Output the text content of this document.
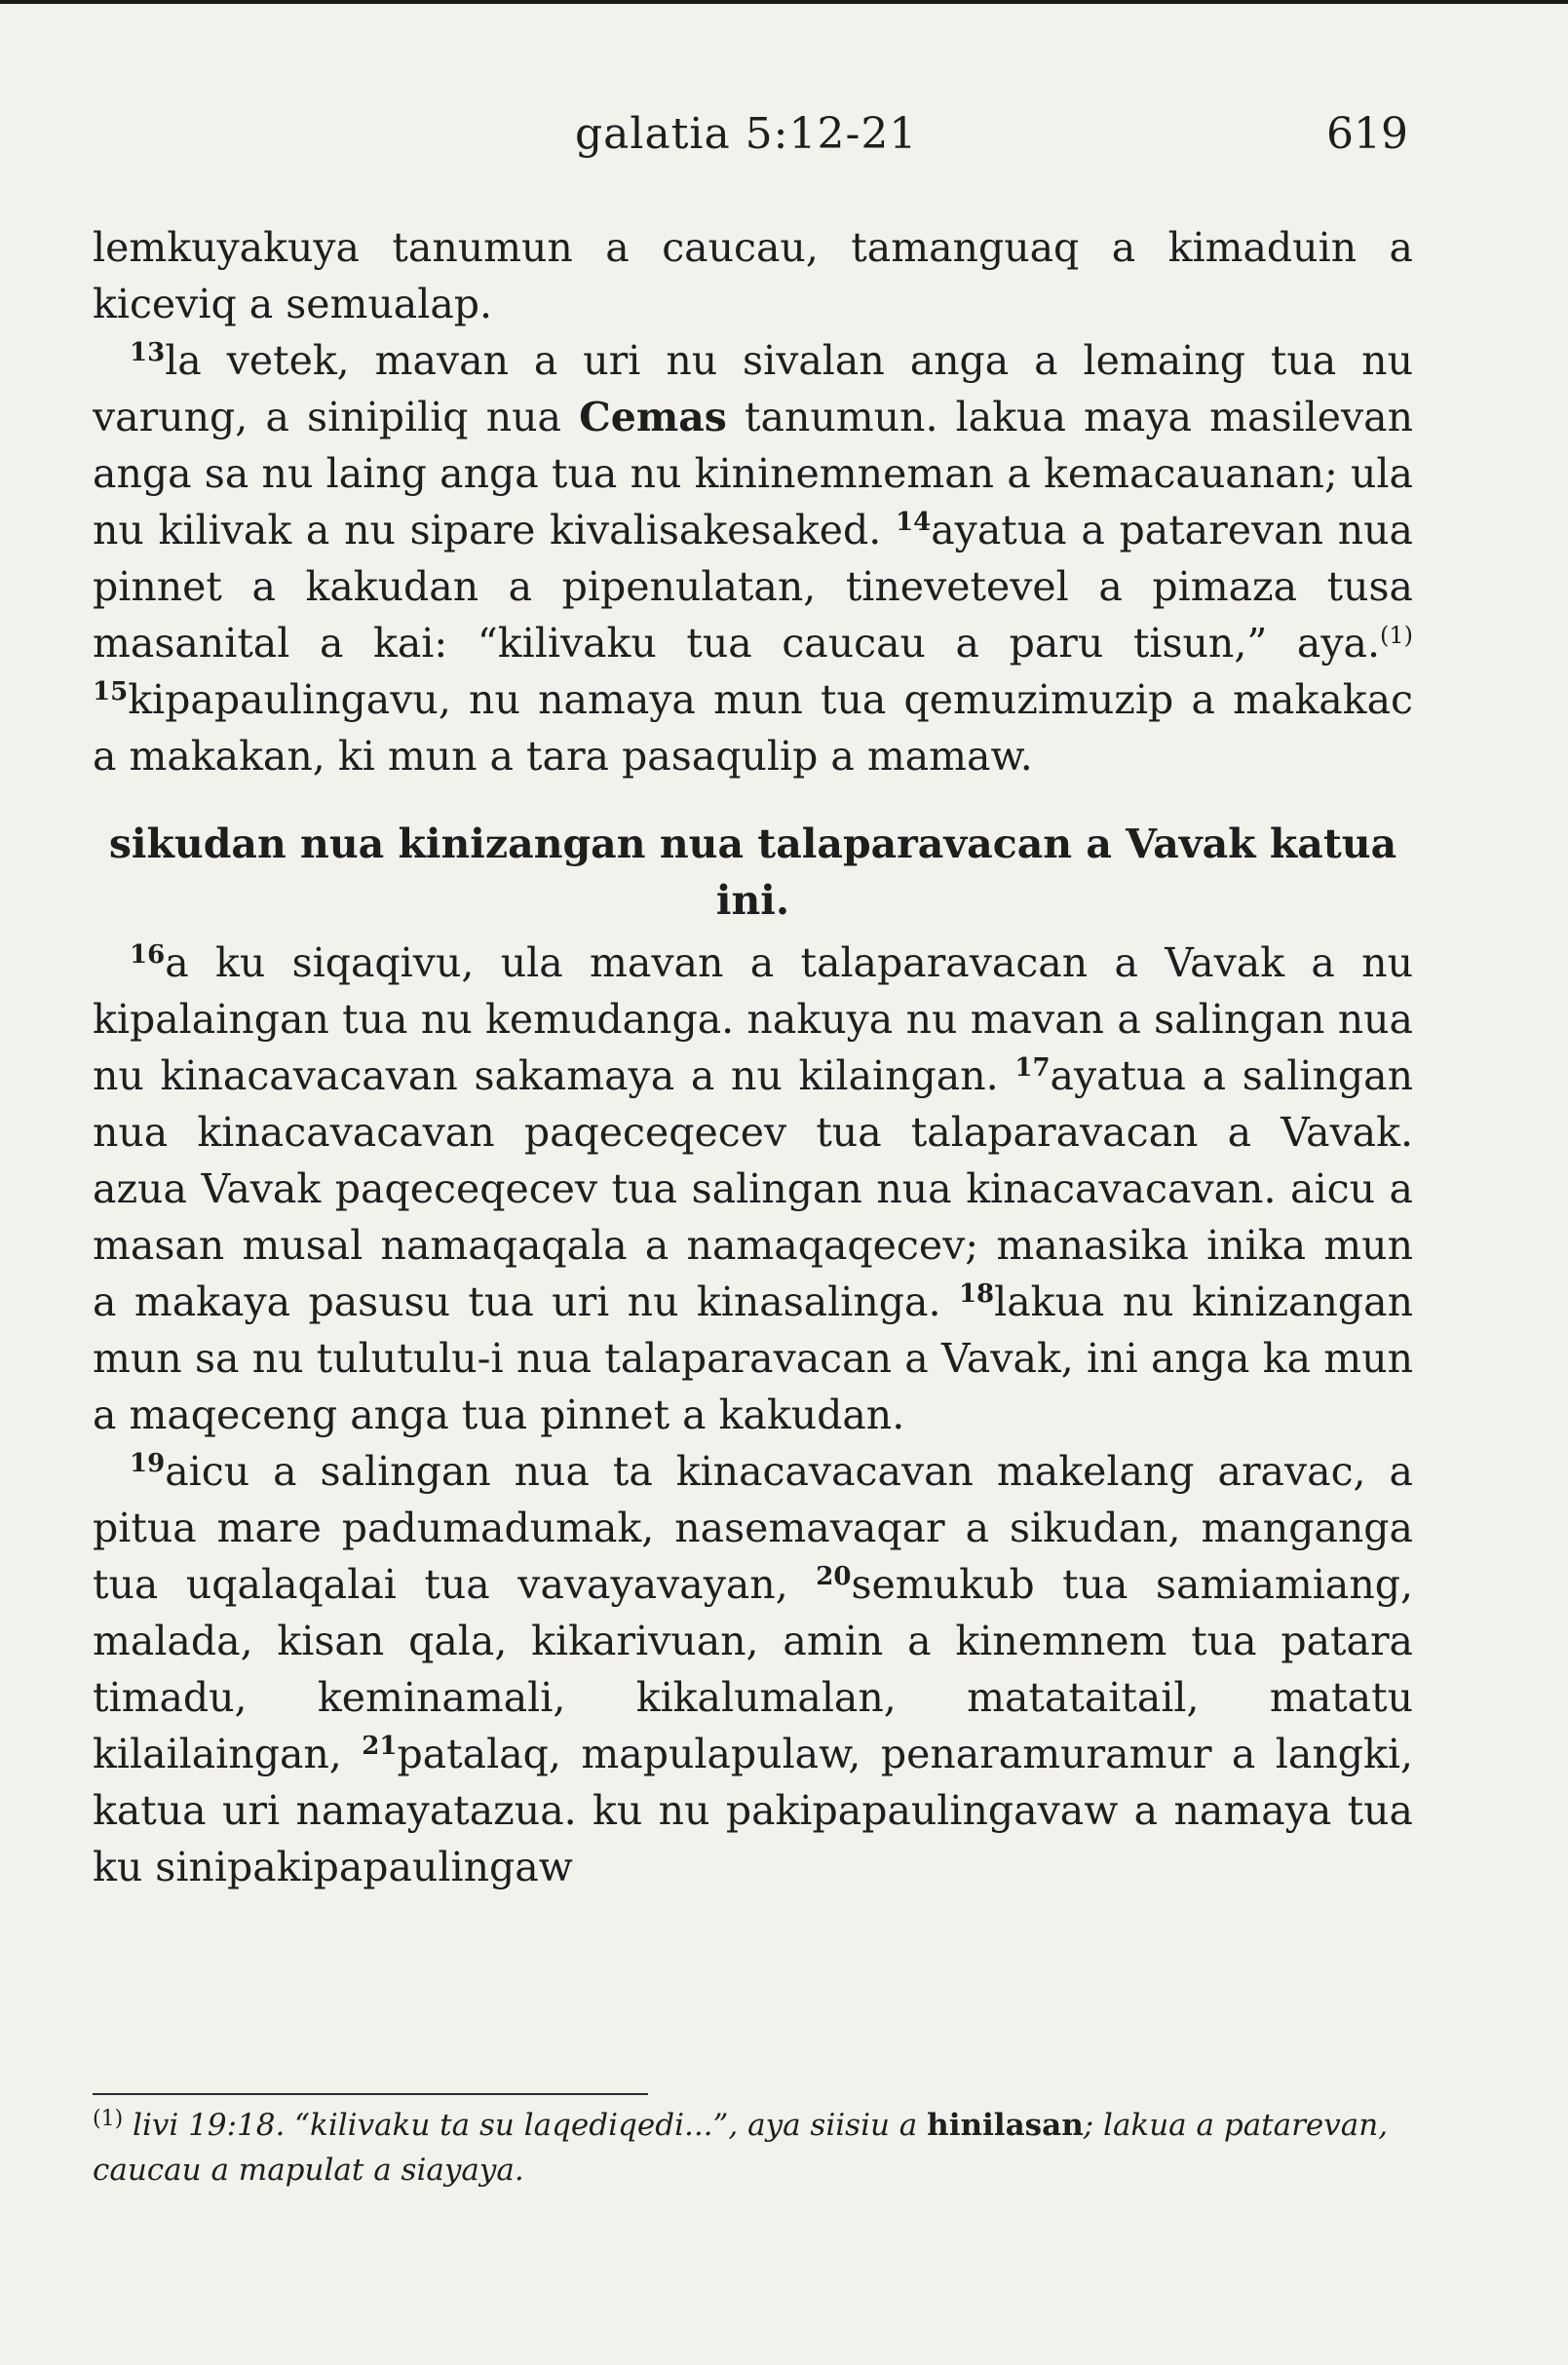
galatia 5:12-21	619

lemkuyakuya tanumun a caucau, tamanguaq a kimaduin a kiceviq a semualap.

$^{13}$la vetek, mavan a uri nu sivalan anga a lemaing tua nu varung, a sinipiliq nua Cemas tanumun. lakua maya masilevan anga sa nu laing anga tua nu kininemneman a kemacauanan; ula nu kilivak a nu sipare kivalisakesaked. $^{14}$ayatua a patarevan nua pinnet a kakudan a pipenulatan, tinevetevel a pimaza tusa masanital a kai: “kilivaku tua caucau a paru tisun,” aya.$^{(1)}$ $^{15}$kipapaulingavu, nu namaya mun tua qemuzimuzip a makakac a makakan, ki mun a tara pasaqulip a mamaw.

sikudan nua kinizangan nua talaparavacan a Vavak katua ini.

$^{16}$a ku siqaqivu, ula mavan a talaparavacan a Vavak a nu kipalaingan tua nu kemudanga. nakuya nu mavan a salingan nua nu kinacavacavan sakamaya a nu kilaingan. $^{17}$ayatua a salingan nua kinacavacavan paqeceqecev tua talaparavacan a Vavak. azua Vavak paqeceqecev tua salingan nua kinacavacavan. aicu a masan musal namaqaqala a namaqaqecev; manasika inika mun a makaya pasusu tua uri nu kinasalinga. $^{18}$lakua nu kinizangan mun sa nu tulutulu-i nua talaparavacan a Vavak, ini anga ka mun a maqeceng anga tua pinnet a kakudan.

$^{19}$aicu a salingan nua ta kinacavacavan makelang aravac, a pitua mare padumadumak, nasemavaqar a sikudan, manganga tua uqalaqalai tua vavayavayan, $^{20}$semukub tua samiamiang, malada, kisan qala, kikarivuan, amin a kinemnem tua patara timadu, keminamali, kikalumalan, matataitail, matatu kilailaingan, $^{21}$patalaq, mapulapulaw, penaramuramur a langki, katua uri namayatazua. ku nu pakipapaulingavaw a namaya tua ku sinipakipapaulingaw

$^{(1)}$ livi 19:18. “kilivaku ta su laqediqedi...”, aya siisiu a hinilasan; lakua a patarevan, caucau a mapulat a siayaya.
